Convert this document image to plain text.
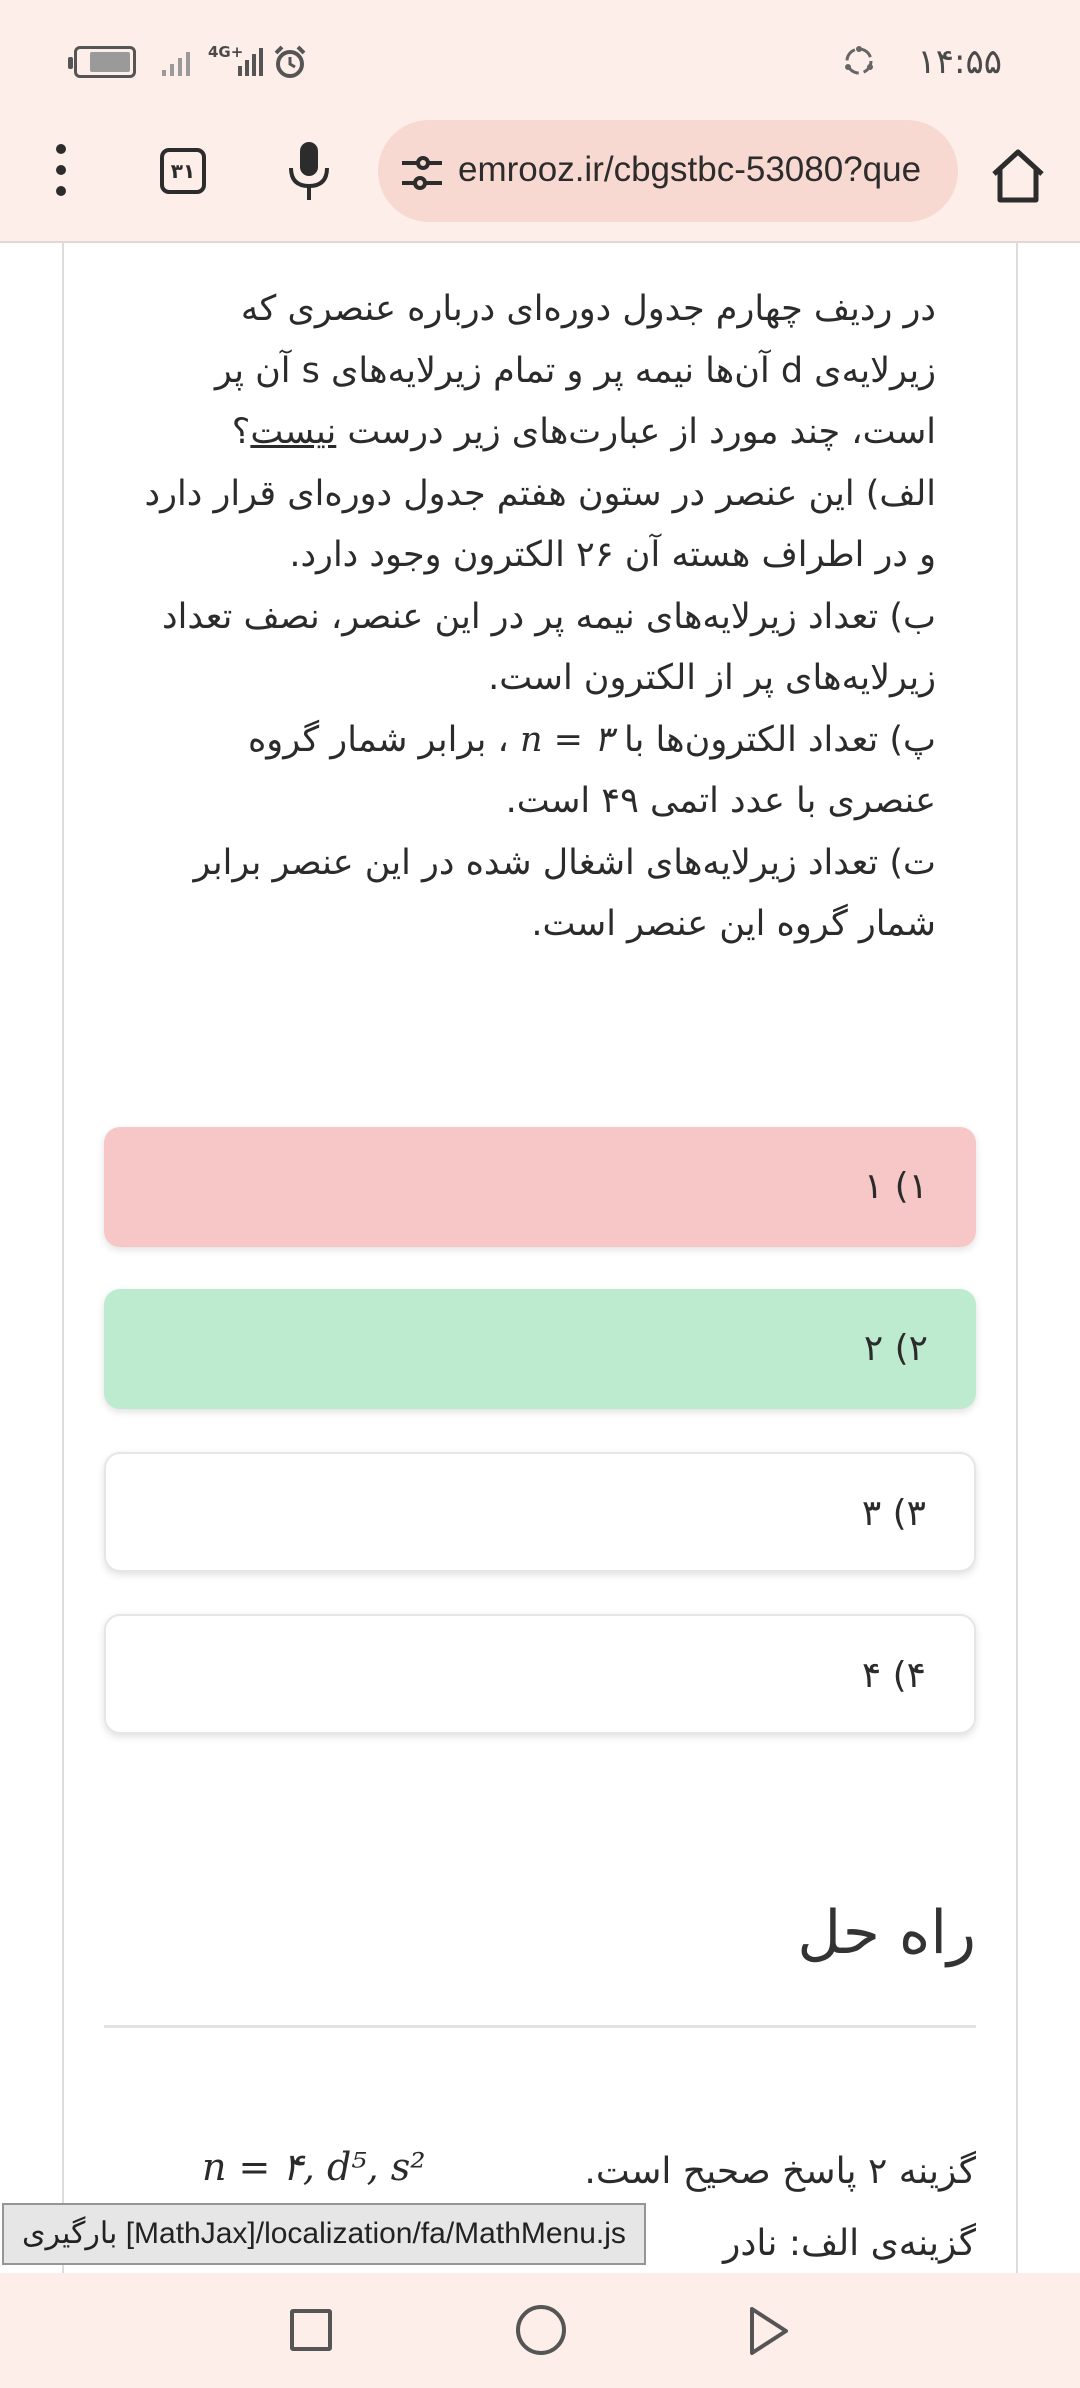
4G+	۱۴:۵۵
۳۱	emrooz.ir/cbgstbc-53080?que

در ردیف چهارم جدول دوره‌ای درباره عنصری که زیرلایه‌ی d آن‌ها نیمه پر و تمام زیرلایه‌های s آن پر است، چند مورد از عبارت‌های زیر درست نیست؟

الف) این عنصر در ستون هفتم جدول دوره‌ای قرار دارد و در اطراف هسته آن ۲۶ الکترون وجود دارد.

ب) تعداد زیرلایه‌های نیمه پر در این عنصر، نصف تعداد زیرلایه‌های پر از الکترون است.

پ) تعداد الکترون‌ها با n = ۳ ، برابر شمار گروه عنصری با عدد اتمی ۴۹ است.

ت) تعداد زیرلایه‌های اشغال شده در این عنصر برابر شمار گروه این عنصر است.

۱) ۱
۲) ۲
۳) ۳
۴) ۴
راه حل
n = ۴, d⁵, s²	گزینه ۲ پاسخ صحیح است.
گزینه‌ی الف: نادر
بارگیری [MathJax]/localization/fa/MathMenu.js
